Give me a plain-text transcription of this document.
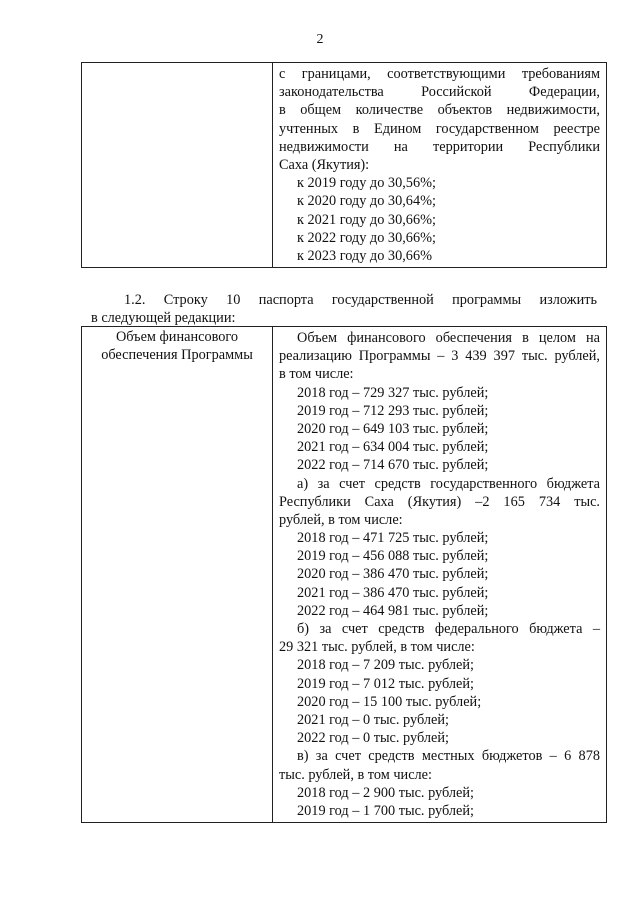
2

с границами, соответствующими требованиям
законодательства Российской Федерации,
в общем количестве объектов недвижимости,
учтенных в Едином государственном реестре
недвижимости на территории Республики
Саха (Якутия):
к 2019 году до 30,56%;
к 2020 году до 30,64%;
к 2021 году до 30,66%;
к 2022 году до 30,66%;
к 2023 году до 30,66%
1.2. Строку 10 паспорта государственной программы изложить
в следующей редакции:
Объем финансового обеспечения Программы

Объем финансового обеспечения в целом на
реализацию Программы – 3 439 397 тыс. рублей,
в том числе:
2018 год – 729 327 тыс. рублей;
2019 год – 712 293 тыс. рублей;
2020 год – 649 103 тыс. рублей;
2021 год – 634 004 тыс. рублей;
2022 год – 714 670 тыс. рублей;
а) за счет средств государственного бюджета
Республики Саха (Якутия) –2 165 734 тыс.
рублей, в том числе:
2018 год – 471 725 тыс. рублей;
2019 год – 456 088 тыс. рублей;
2020 год – 386 470 тыс. рублей;
2021 год – 386 470 тыс. рублей;
2022 год – 464 981 тыс. рублей;
б) за счет средств федерального бюджета –
29 321 тыс. рублей, в том числе:
2018 год – 7 209 тыс. рублей;
2019 год – 7 012 тыс. рублей;
2020 год – 15 100 тыс. рублей;
2021 год – 0 тыс. рублей;
2022 год – 0 тыс. рублей;
в) за счет средств местных бюджетов – 6 878
тыс. рублей, в том числе:
2018 год – 2 900 тыс. рублей;
2019 год – 1 700 тыс. рублей;
